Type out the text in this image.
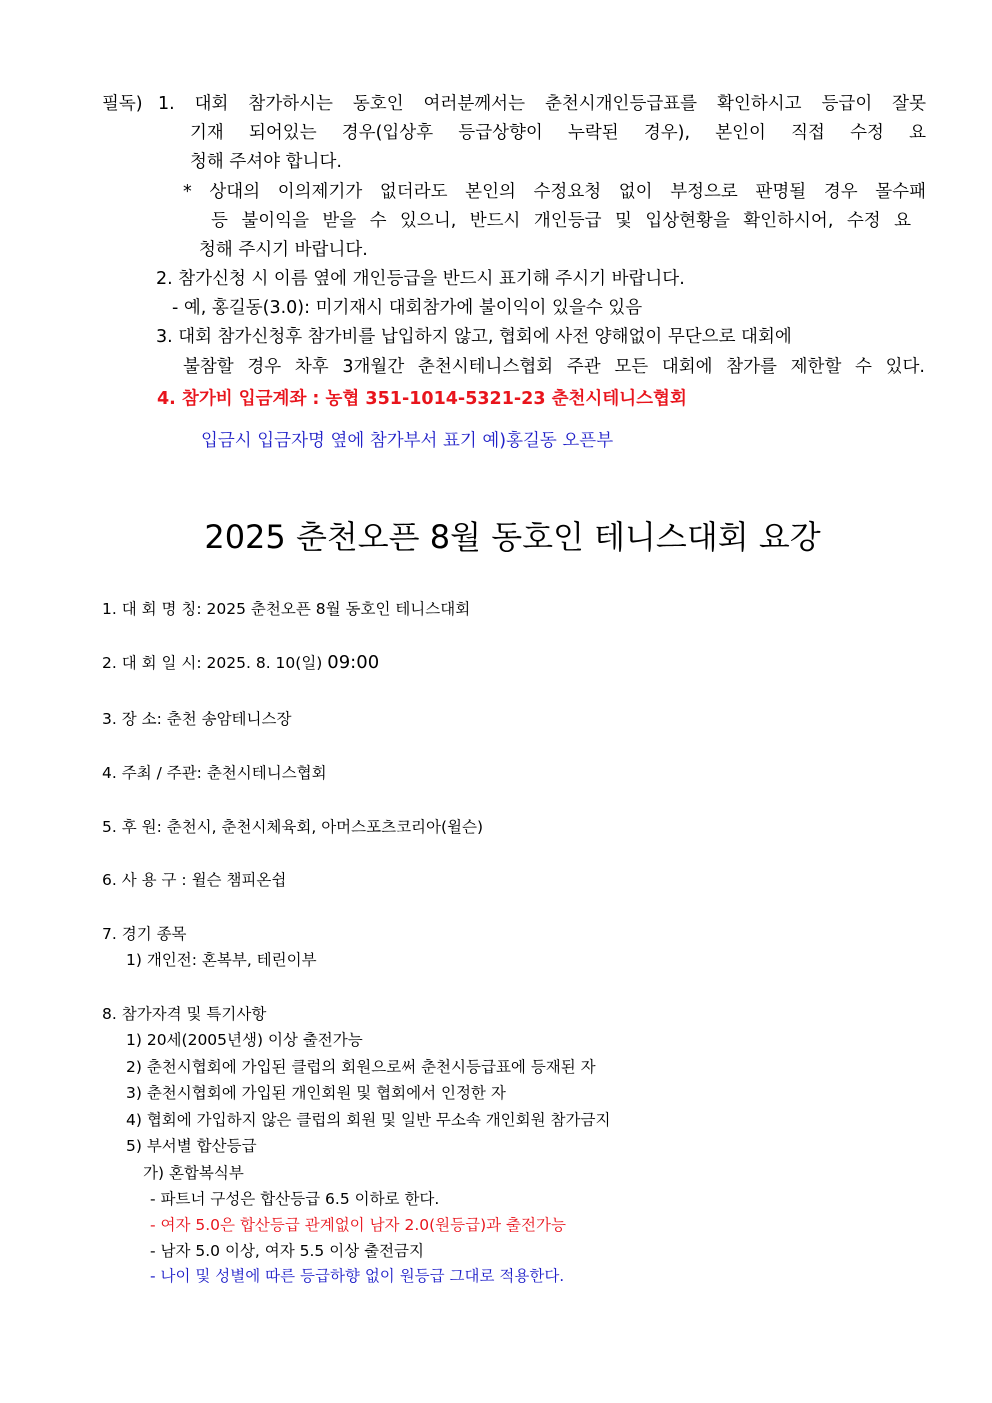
필독) 1. 대회 참가하시는 동호인 여러분께서는 춘천시개인등급표를 확인하시고 등급이 잘못
기재 되어있는 경우(입상후 등급상향이 누락된 경우), 본인이 직접 수정 요
청해 주셔야 합니다.
* 상대의 이의제기가 없더라도 본인의 수정요청 없이 부정으로 판명될 경우 몰수패
등 불이익을 받을 수 있으니, 반드시 개인등급 및 입상현황을 확인하시어, 수정 요
청해 주시기 바랍니다.
2. 참가신청 시 이름 옆에 개인등급을 반드시 표기해 주시기 바랍니다.
- 예, 홍길동(3.0): 미기재시 대회참가에 불이익이 있을수 있음
3. 대회 참가신청후 참가비를 납입하지 않고, 협회에 사전 양해없이 무단으로 대회에
불참할 경우 차후 3개월간 춘천시테니스협회 주관 모든 대회에 참가를 제한할 수 있다.
4. 참가비 입금계좌 : 농협 351-1014-5321-23 춘천시테니스협회
입금시 입금자명 옆에 참가부서 표기 예)홍길동 오픈부
2025 춘천오픈 8월 동호인 테니스대회 요강
1. 대 회 명 칭: 2025 춘천오픈 8월 동호인 테니스대회
2. 대 회 일 시: 2025. 8. 10(일) 09:00
3. 장 소: 춘천 송암테니스장
4. 주최 / 주관: 춘천시테니스협회
5. 후 원: 춘천시, 춘천시체육회, 아머스포츠코리아(윌슨)
6. 사 용 구 : 윌슨 챔피온쉽
7. 경기 종목
1) 개인전: 혼복부, 테린이부
8. 참가자격 및 특기사항
1) 20세(2005년생) 이상 출전가능
2) 춘천시협회에 가입된 클럽의 회원으로써 춘천시등급표에 등재된 자
3) 춘천시협회에 가입된 개인회원 및 협회에서 인정한 자
4) 협회에 가입하지 않은 클럽의 회원 및 일반 무소속 개인회원 참가금지
5) 부서별 합산등급
가) 혼합복식부
- 파트너 구성은 합산등급 6.5 이하로 한다.
- 여자 5.0은 합산등급 관계없이 남자 2.0(원등급)과 출전가능
- 남자 5.0 이상, 여자 5.5 이상 출전금지
- 나이 및 성별에 따른 등급하향 없이 원등급 그대로 적용한다.
